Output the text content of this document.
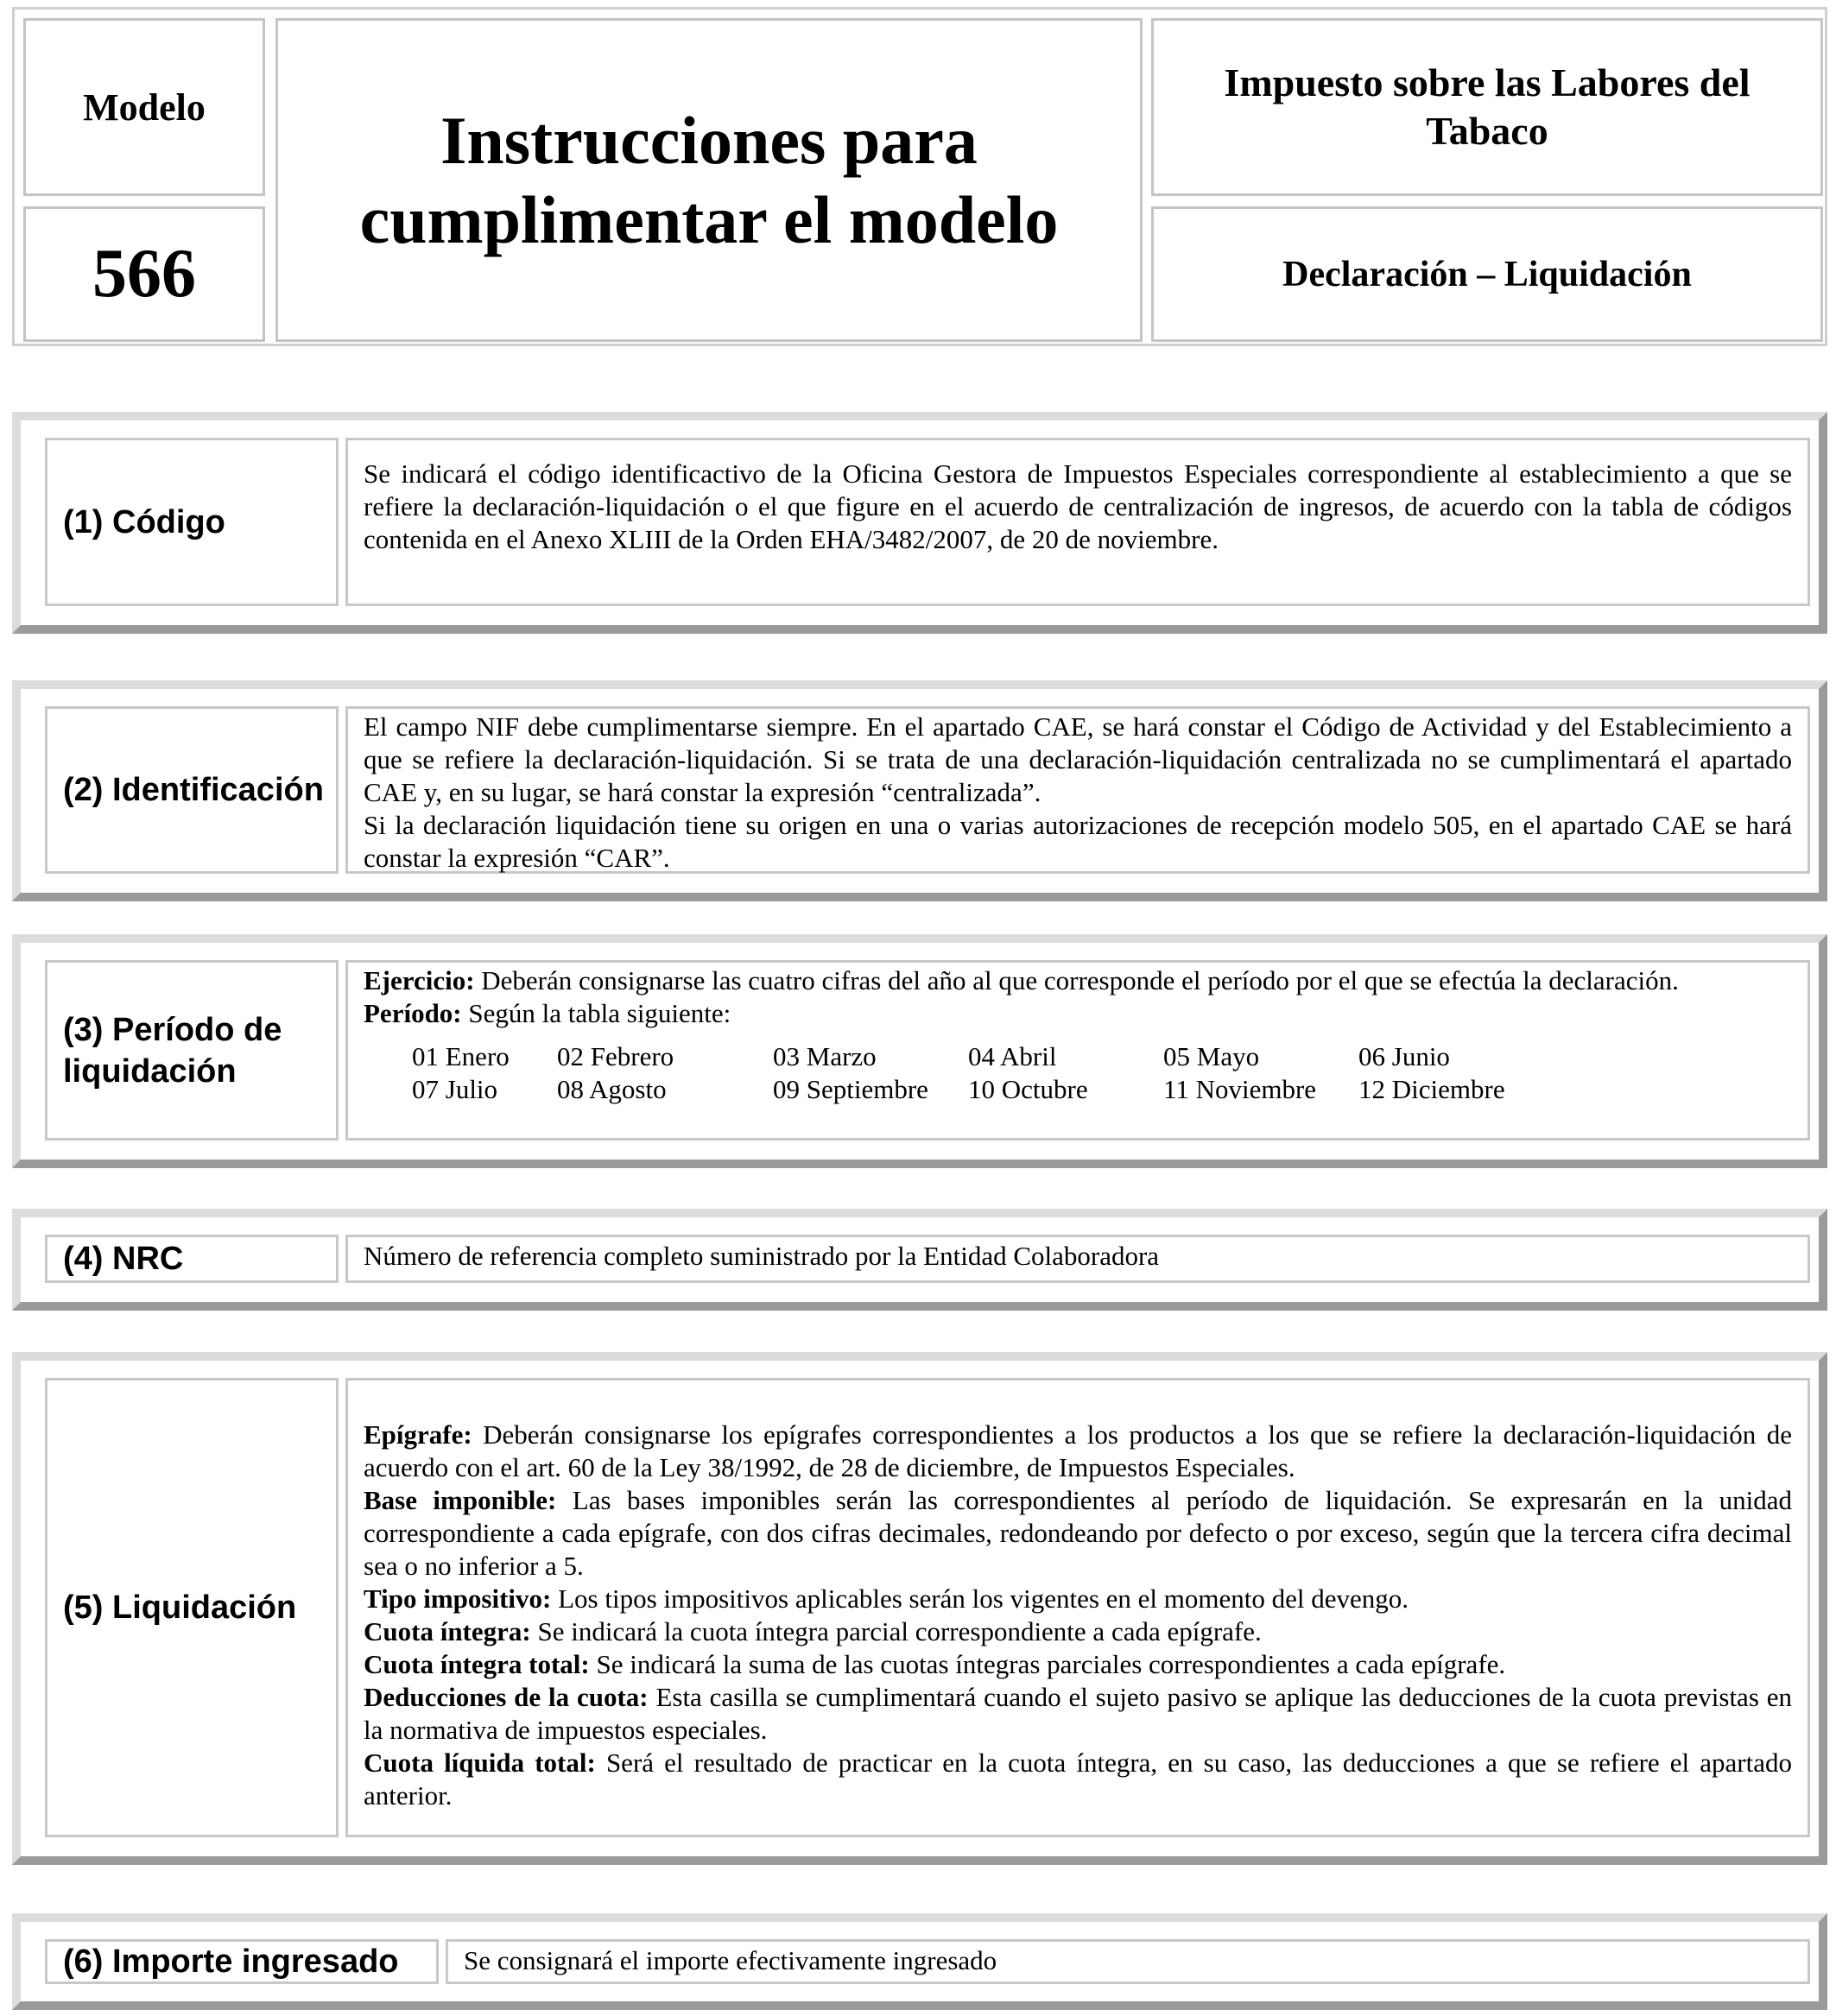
Modelo
566
Instrucciones para
cumplimentar el modelo
Impuesto sobre las Labores del Tabaco
Declaración – Liquidación
(1) Código

Se indicará el código identificactivo de la Oficina Gestora de Impuestos Especiales correspondiente al establecimiento a que se refiere la declaración-liquidación o el que figure en el acuerdo de centralización de ingresos, de acuerdo con la tabla de códigos contenida en el Anexo XLIII de la Orden EHA/3482/2007, de 20 de noviembre.

(2) Identificación

El campo NIF debe cumplimentarse siempre. En el apartado CAE, se hará constar el Código de Actividad y del Establecimiento a que se refiere la declaración-liquidación. Si se trata de una declaración-liquidación centralizada no se cumplimentará el apartado CAE y, en su lugar, se hará constar la expresión “centralizada”.

Si la declaración liquidación tiene su origen en una o varias autorizaciones de recepción modelo 505, en el apartado CAE se hará constar la expresión “CAR”.

(3) Período de
liquidación

Ejercicio: Deberán consignarse las cuatro cifras del año al que corresponde el período por el que se efectúa la declaración.

Período: Según la tabla siguiente:

01 Enero	02 Febrero	03 Marzo	04 Abril	05 Mayo	06 Junio
07 Julio	08 Agosto	09 Septiembre	10 Octubre	11 Noviembre	12 Diciembre
(4) NRC	Número de referencia completo suministrado por la Entidad Colaboradora

(5) Liquidación

Epígrafe: Deberán consignarse los epígrafes correspondientes a los productos a los que se refiere la declaración-liquidación de acuerdo con el art. 60 de la Ley 38/1992, de 28 de diciembre, de Impuestos Especiales.

Base imponible: Las bases imponibles serán las correspondientes al período de liquidación. Se expresarán en la unidad correspondiente a cada epígrafe, con dos cifras decimales, redondeando por defecto o por exceso, según que la tercera cifra decimal sea o no inferior a 5.

Tipo impositivo: Los tipos impositivos aplicables serán los vigentes en el momento del devengo.

Cuota íntegra: Se indicará la cuota íntegra parcial correspondiente a cada epígrafe.

Cuota íntegra total: Se indicará la suma de las cuotas íntegras parciales correspondientes a cada epígrafe.

Deducciones de la cuota: Esta casilla se cumplimentará cuando el sujeto pasivo se aplique las deducciones de la cuota previstas en la normativa de impuestos especiales.

Cuota líquida total: Será el resultado de practicar en la cuota íntegra, en su caso, las deducciones a que se refiere el apartado anterior.

(6) Importe ingresado	Se consignará el importe efectivamente ingresado
